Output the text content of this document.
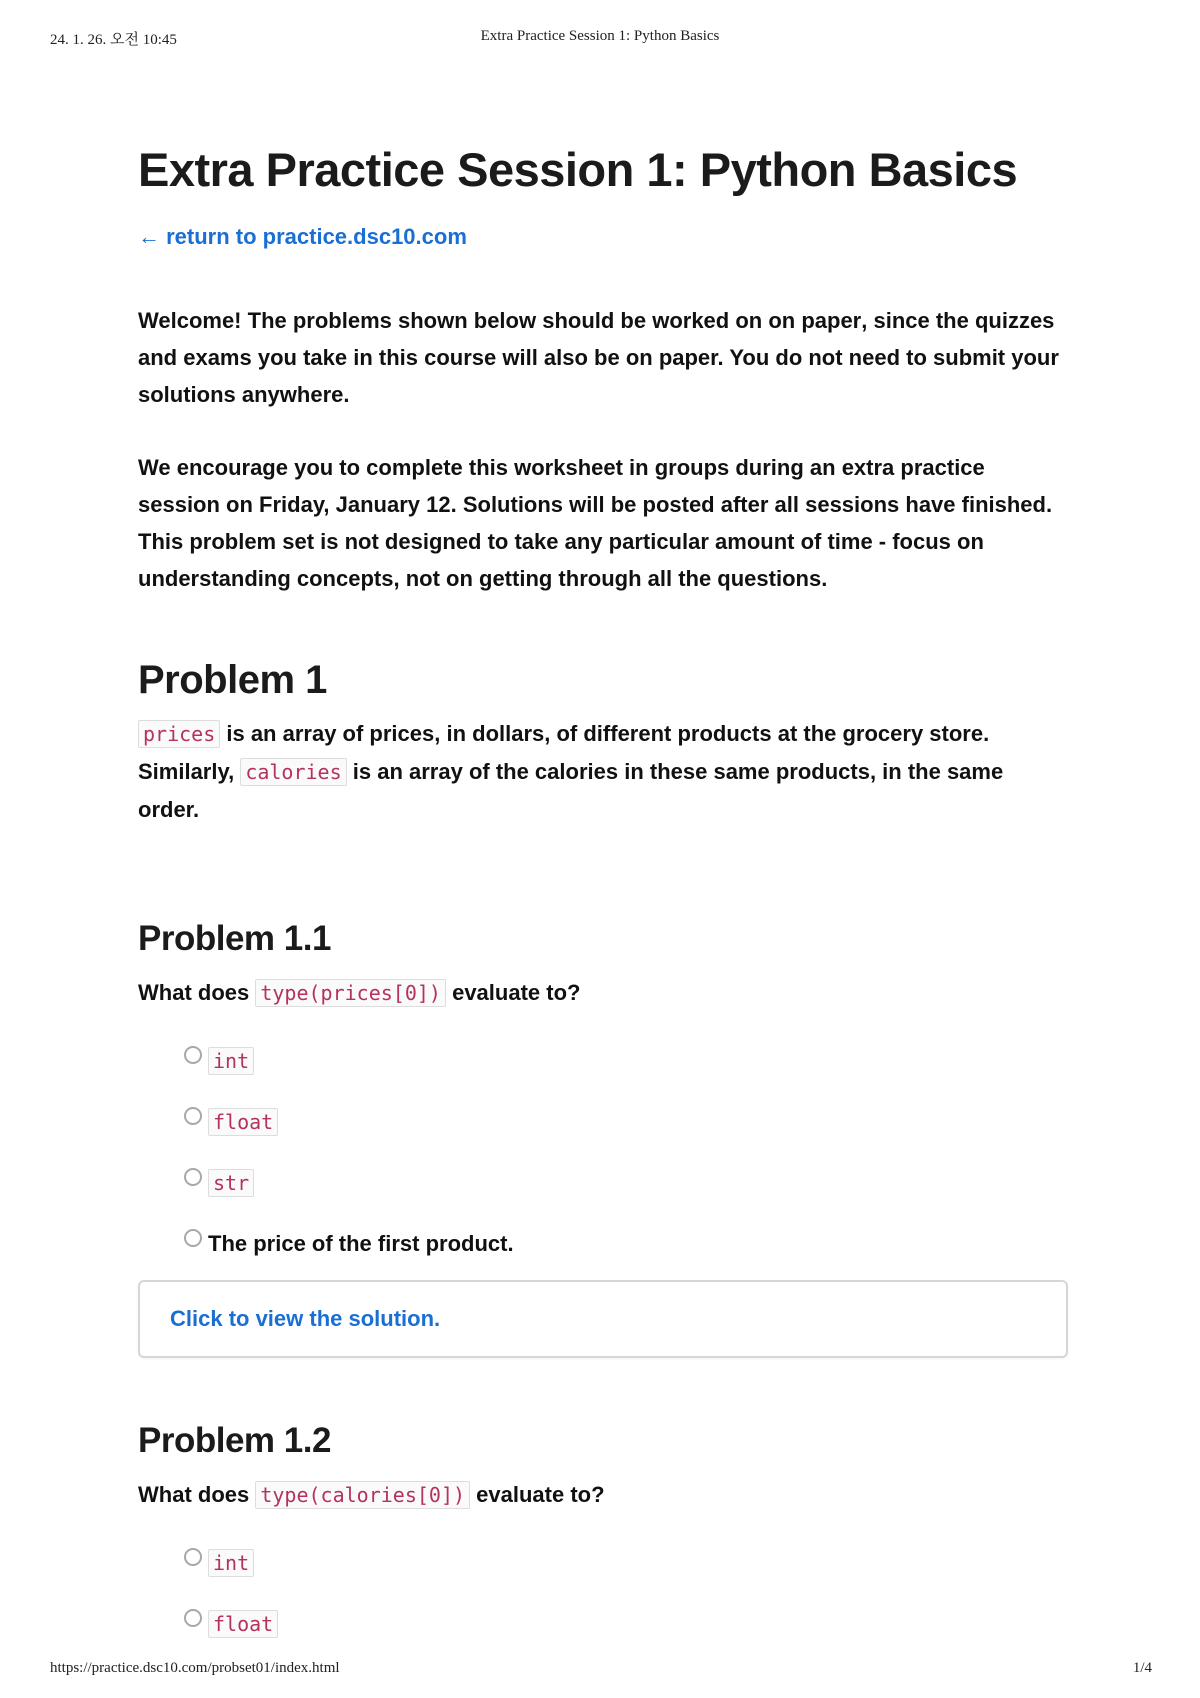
24. 1. 26. 오전 10:45	Extra Practice Session 1: Python Basics
Extra Practice Session 1: Python Basics
← return to practice.dsc10.com

Welcome! The problems shown below should be worked on on paper, since the quizzes and exams you take in this course will also be on paper. You do not need to submit your solutions anywhere.

We encourage you to complete this worksheet in groups during an extra practice session on Friday, January 12. Solutions will be posted after all sessions have finished. This problem set is not designed to take any particular amount of time - focus on understanding concepts, not on getting through all the questions.

Problem 1

prices is an array of prices, in dollars, of different products at the grocery store. Similarly, calories is an array of the calories in these same products, in the same order.

Problem 1.1

What does type(prices[0]) evaluate to?

int
float
str
The price of the first product.
Click to view the solution.
Problem 1.2

What does type(calories[0]) evaluate to?

int
float
https://practice.dsc10.com/probset01/index.html	1/4
